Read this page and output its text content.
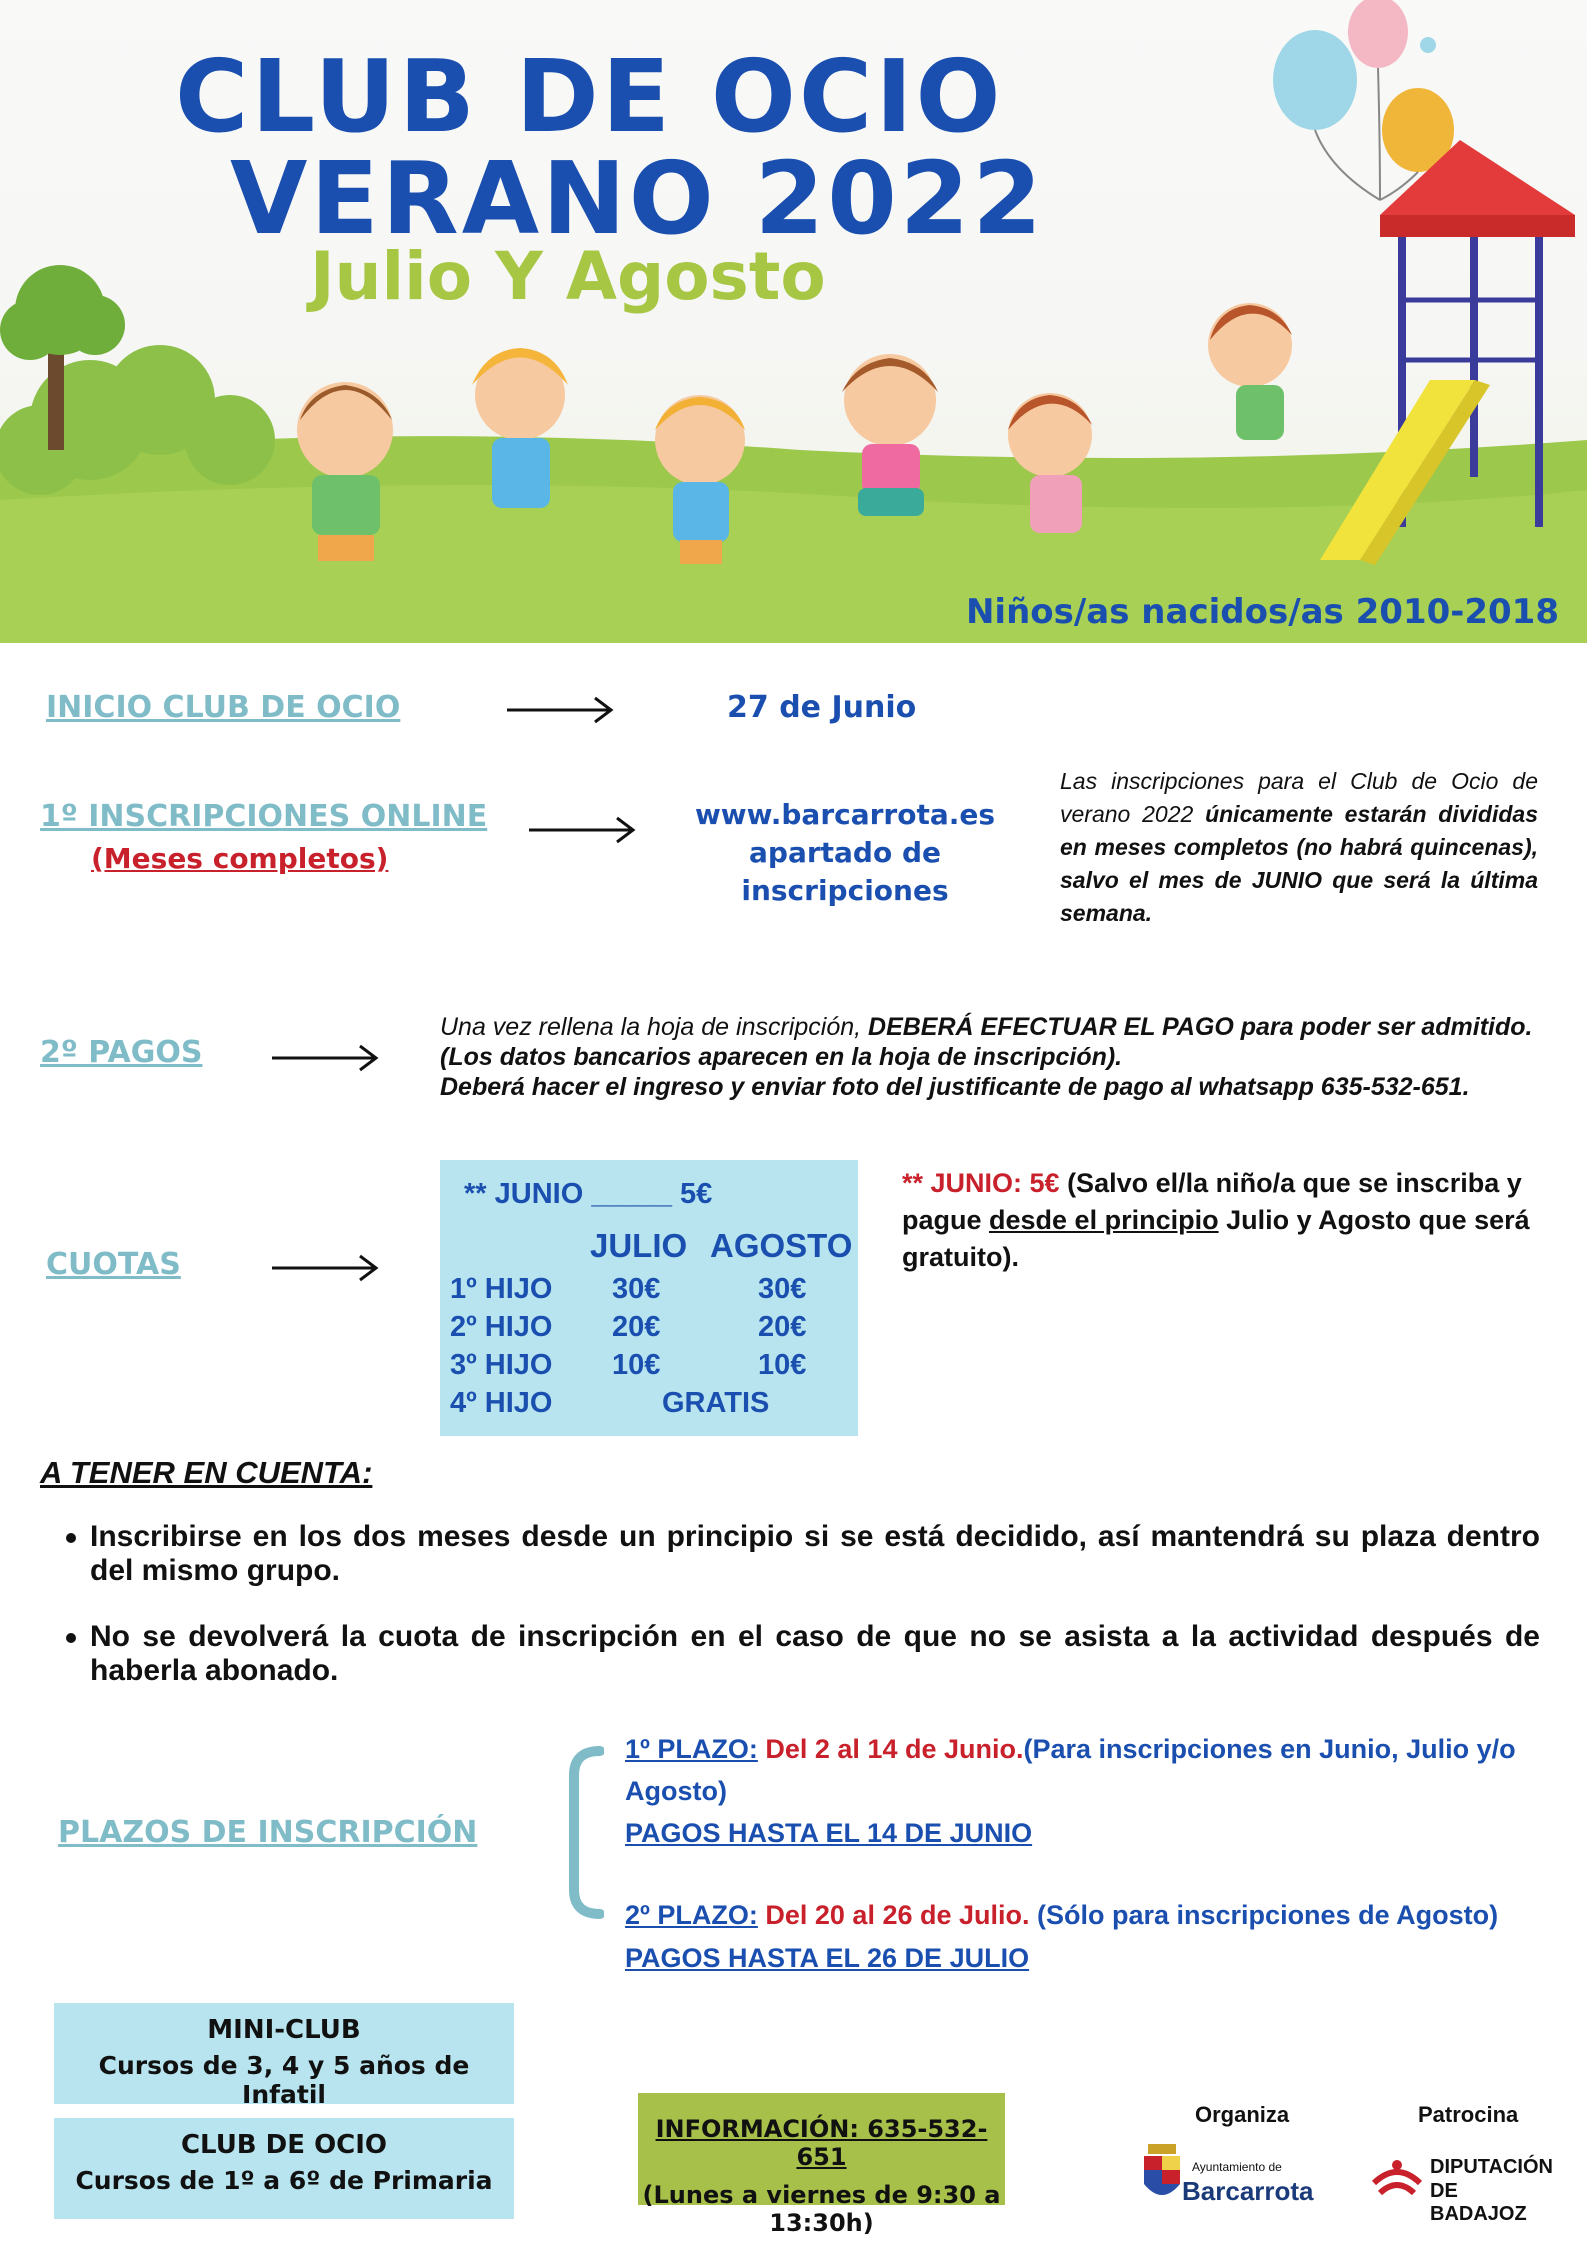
CLUB DE OCIO
VERANO 2022
Julio Y Agosto
Niños/as nacidos/as 2010-2018
INICIO CLUB DE OCIO	27 de Junio
1º INSCRIPCIONES ONLINE
(Meses completos)
www.barcarrota.es
apartado de inscripciones
Las inscripciones para el Club de Ocio de verano 2022 únicamente estarán divididas en meses completos (no habrá quincenas), salvo el mes de JUNIO que será la última semana.
2º PAGOS
Una vez rellena la hoja de inscripción, DEBERÁ EFECTUAR EL PAGO para poder ser admitido.
(Los datos bancarios aparecen en la hoja de inscripción).
Deberá hacer el ingreso y enviar foto del justificante de pago al whatsapp 635-532-651.
CUOTAS
** JUNIO _____ 5€
JULIO AGOSTO
1º HIJO 30€	30€
2º HIJO 20€	20€
3º HIJO 10€	10€
4º HIJO	GRATIS
** JUNIO: 5€ (Salvo el/la niño/a que se inscriba y pague desde el principio Julio y Agosto que será gratuito).
A TENER EN CUENTA:
Inscribirse en los dos meses desde un principio si se está decidido, así mantendrá su plaza dentro del mismo grupo.
No se devolverá la cuota de inscripción en el caso de que no se asista a la actividad después de haberla abonado.
PLAZOS DE INSCRIPCIÓN
1º PLAZO: Del 2 al 14 de Junio.(Para inscripciones en Junio, Julio y/o Agosto)
PAGOS HASTA EL 14 DE JUNIO
2º PLAZO: Del 20 al 26 de Julio. (Sólo para inscripciones de Agosto)
PAGOS HASTA EL 26 DE JULIO
MINI-CLUB
Cursos de 3, 4 y 5 años de Infatil
CLUB DE OCIO
Cursos de 1º a 6º de Primaria
INFORMACIÓN: 635-532-651
(Lunes a viernes de 9:30 a 13:30h)
Organiza	Patrocina
Ayuntamiento de
Barcarrota
DIPUTACIÓN
DE BADAJOZ
